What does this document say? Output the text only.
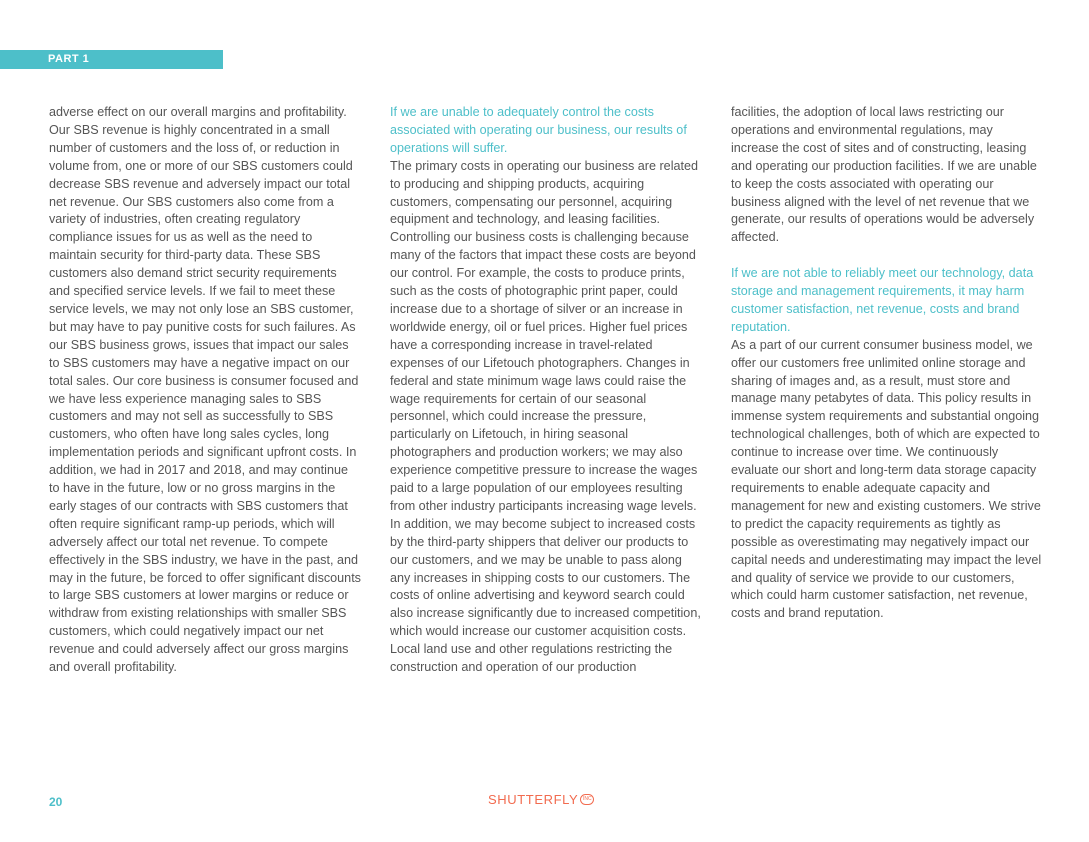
PART 1

adverse effect on our overall margins and profitability. Our SBS revenue is highly concentrated in a small number of customers and the loss of, or reduction in volume from, one or more of our SBS customers could decrease SBS revenue and adversely impact our total net revenue. Our SBS customers also come from a variety of industries, often creating regulatory compliance issues for us as well as the need to maintain security for third-party data. These SBS customers also demand strict security requirements and specified service levels. If we fail to meet these service levels, we may not only lose an SBS customer, but may have to pay punitive costs for such failures. As our SBS business grows, issues that impact our sales to SBS customers may have a negative impact on our total sales. Our core business is consumer focused and we have less experience managing sales to SBS customers and may not sell as successfully to SBS customers, who often have long sales cycles, long implementation periods and significant upfront costs. In addition, we had in 2017 and 2018, and may continue to have in the future, low or no gross margins in the early stages of our contracts with SBS customers that often require significant ramp-up periods, which will adversely affect our total net revenue. To compete effectively in the SBS industry, we have in the past, and may in the future, be forced to offer significant discounts to large SBS customers at lower margins or reduce or withdraw from existing relationships with smaller SBS customers, which could negatively impact our net revenue and could adversely affect our gross margins and overall profitability.

If we are unable to adequately control the costs associated with operating our business, our results of operations will suffer.

The primary costs in operating our business are related to producing and shipping products, acquiring customers, compensating our personnel, acquiring equipment and technology, and leasing facilities. Controlling our business costs is challenging because many of the factors that impact these costs are beyond our control. For example, the costs to produce prints, such as the costs of photographic print paper, could increase due to a shortage of silver or an increase in worldwide energy, oil or fuel prices. Higher fuel prices have a corresponding increase in travel-related expenses of our Lifetouch photographers. Changes in federal and state minimum wage laws could raise the wage requirements for certain of our seasonal personnel, which could increase the pressure, particularly on Lifetouch, in hiring seasonal photographers and production workers; we may also experience competitive pressure to increase the wages paid to a large population of our employees resulting from other industry participants increasing wage levels. In addition, we may become subject to increased costs by the third-party shippers that deliver our products to our customers, and we may be unable to pass along any increases in shipping costs to our customers. The costs of online advertising and keyword search could also increase significantly due to increased competition, which would increase our customer acquisition costs. Local land use and other regulations restricting the construction and operation of our production

facilities, the adoption of local laws restricting our operations and environmental regulations, may increase the cost of sites and of constructing, leasing and operating our production facilities. If we are unable to keep the costs associated with operating our business aligned with the level of net revenue that we generate, our results of operations would be adversely affected.

If we are not able to reliably meet our technology, data storage and management requirements, it may harm customer satisfaction, net revenue, costs and brand reputation.

As a part of our current consumer business model, we offer our customers free unlimited online storage and sharing of images and, as a result, must store and manage many petabytes of data. This policy results in immense system requirements and substantial ongoing technological challenges, both of which are expected to continue to increase over time. We continuously evaluate our short and long-term data storage capacity requirements to enable adequate capacity and management for new and existing customers. We strive to predict the capacity requirements as tightly as possible as overestimating may negatively impact our capital needs and underestimating may impact the level and quality of service we provide to our customers, which could harm customer satisfaction, net revenue, costs and brand reputation.

20	SHUTTERFLY INC
